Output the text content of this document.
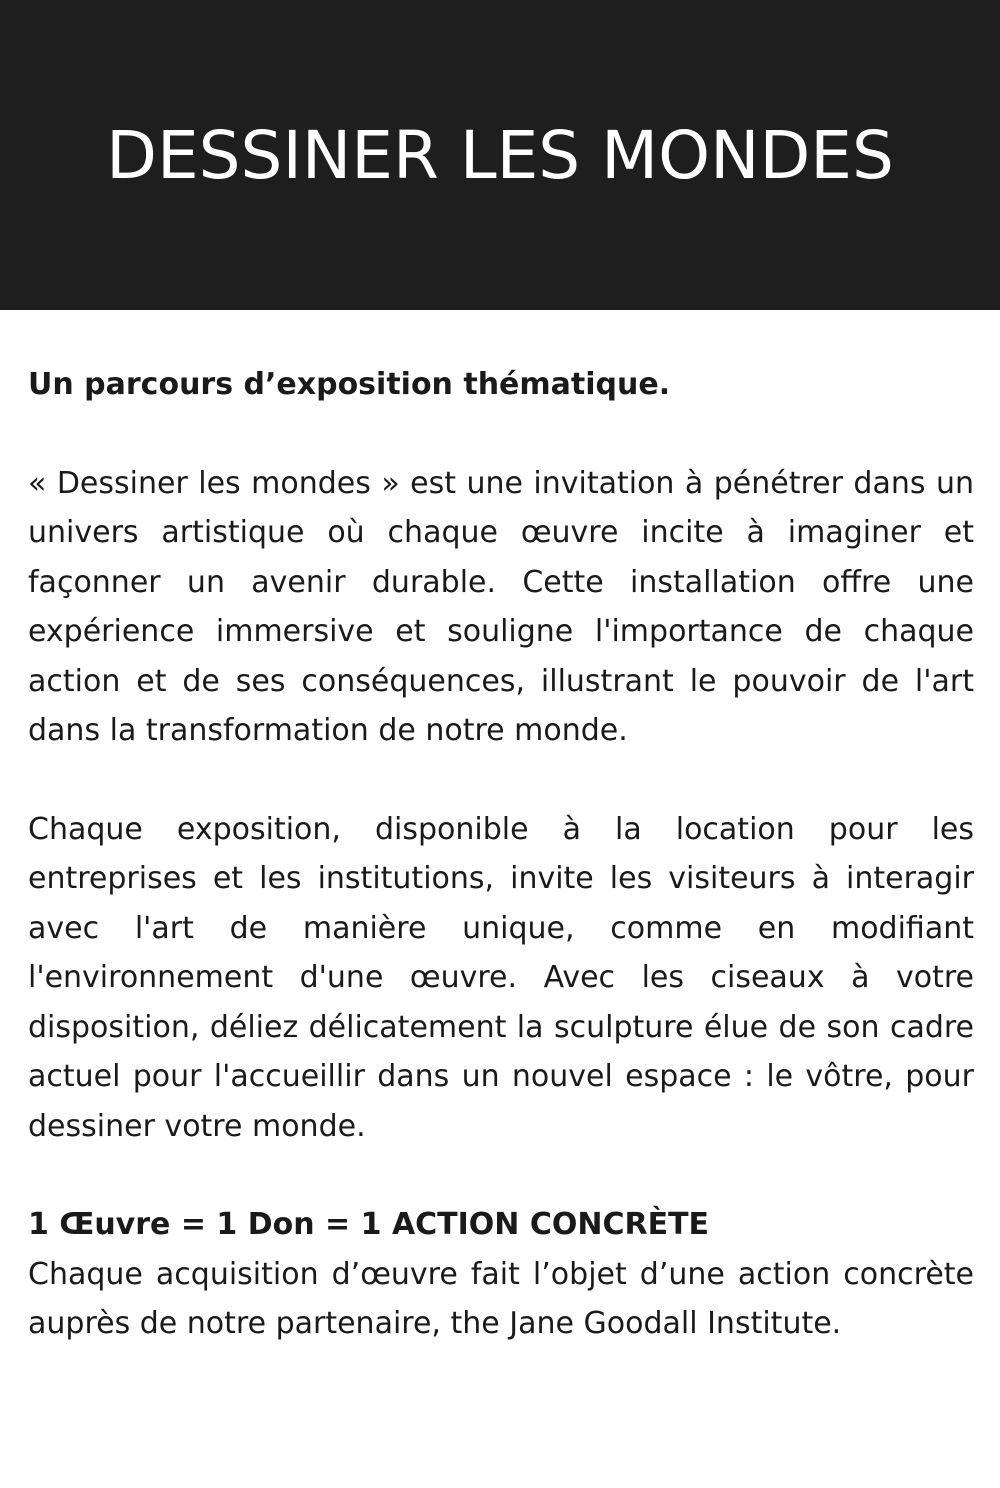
DESSINER LES MONDES

Un parcours d’exposition thématique.

« Dessiner les mondes » est une invitation à pénétrer dans un univers artistique où chaque œuvre incite à imaginer et façonner un avenir durable. Cette installation offre une expérience immersive et souligne l'importance de chaque action et de ses conséquences, illustrant le pouvoir de l'art dans la transformation de notre monde.

Chaque exposition, disponible à la location pour les entreprises et les institutions, invite les visiteurs à interagir avec l'art de manière unique, comme en modifiant l'environnement d'une œuvre. Avec les ciseaux à votre disposition, déliez délicatement la sculpture élue de son cadre actuel pour l'accueillir dans un nouvel espace : le vôtre, pour dessiner votre monde.

1 Œuvre = 1 Don = 1 ACTION CONCRÈTE

Chaque acquisition d’œuvre fait l’objet d’une action concrète auprès de notre partenaire, the Jane Goodall Institute.
